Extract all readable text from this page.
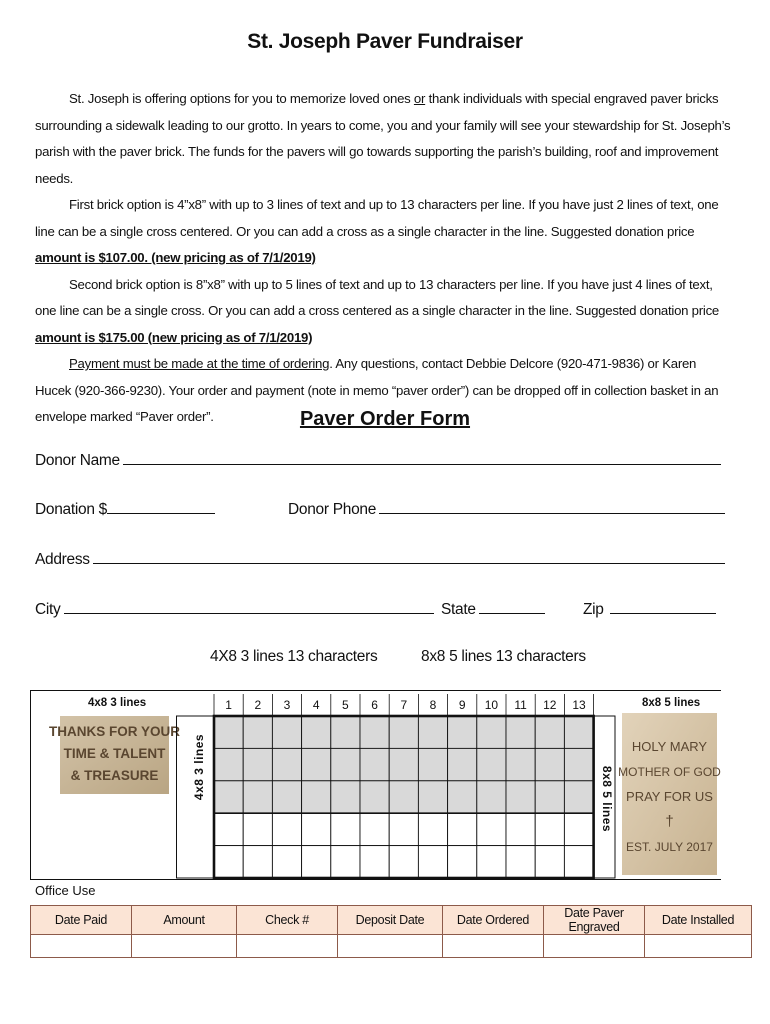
St. Joseph Paver Fundraiser

St. Joseph is offering options for you to memorize loved ones or thank individuals with special engraved paver bricks surrounding a sidewalk leading to our grotto. In years to come, you and your family will see your stewardship for St. Joseph’s parish with the paver brick. The funds for the pavers will go towards supporting the parish’s building, roof and improvement needs.

First brick option is 4”x8” with up to 3 lines of text and up to 13 characters per line. If you have just 2 lines of text, one line can be a single cross centered. Or you can add a cross as a single character in the line. Suggested donation price amount is $107.00. (new pricing as of 7/1/2019)

Second brick option is 8”x8” with up to 5 lines of text and up to 13 characters per line. If you have just 4 lines of text, one line can be a single cross. Or you can add a cross centered as a single character in the line. Suggested donation price amount is $175.00 (new pricing as of 7/1/2019)

Payment must be made at the time of ordering. Any questions, contact Debbie Delcore (920-471-9836) or Karen Hucek (920-366-9230). Your order and payment (note in memo “paver order”) can be dropped off in collection basket in an envelope marked “Paver order”.	Paver Order Form
Donor Name
Donation $	Donor Phone
Address
City	State	Zip
4X8 3 lines 13 characters	8x8 5 lines 13 characters
4x8 3 lines	8x8 5 lines
THANKS FOR YOUR
TIME & TALENT
& TREASURE
HOLY MARY
MOTHER OF GOD
PRAY FOR US
†
EST. JULY 2017
4x8 3 lines	8x8 5 lines
1 2 3 4 5 6 7 8 9 10 11 12 13
Office Use
Date Paid	Amount	Check #	Deposit Date	Date Ordered	Date Paver Engraved	Date Installed
